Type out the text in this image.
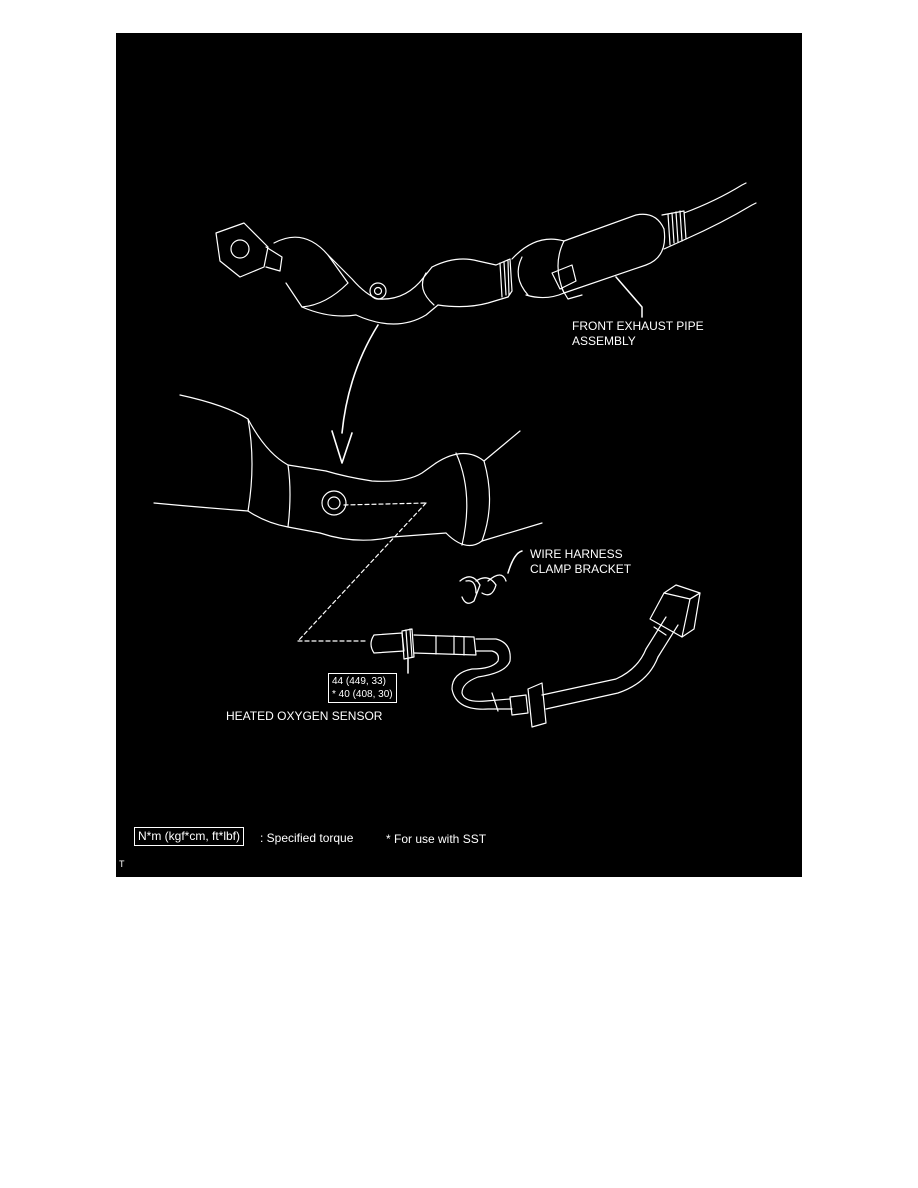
FRONT EXHAUST PIPE
ASSEMBLY
WIRE HARNESS
CLAMP BRACKET
44 (449, 33)
* 40 (408, 30)
HEATED OXYGEN SENSOR
N*m (kgf*cm, ft*lbf)	: Specified torque	* For use with SST
T
